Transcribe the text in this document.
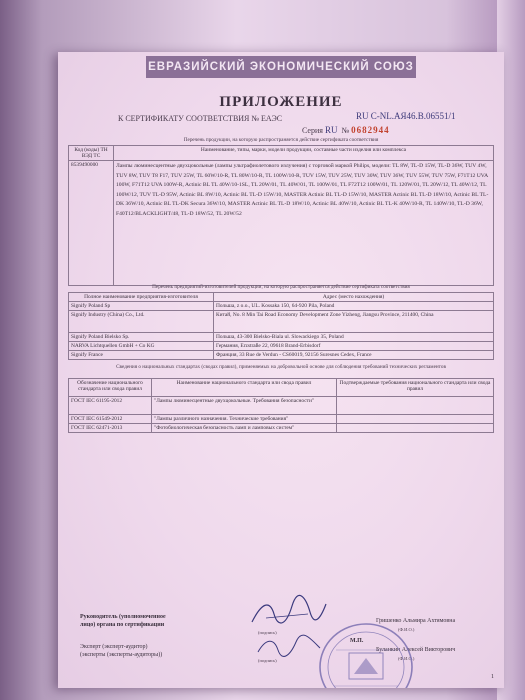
ЕВРАЗИЙСКИЙ ЭКОНОМИЧЕСКИЙ СОЮЗ
ПРИЛОЖЕНИЕ
К СЕРТИФИКАТУ СООТВЕТСТВИЯ № ЕАЭС	RU C-NL.AЯ46.B.06551/1
Серия RU № 0682944
Перечень продукции, на которую распространяется действие сертификата соответствия
Код (коды) ТН ВЭД ТС	Наименование, типы, марки, модели продукции, составные части изделия или комплекса
8539490000	Лампы люминесцентные двухцокольные (лампы ультрафиолетового излучения) с торговой маркой Philips, модели: TL 8W, TL-D 15W, TL-D 36W, TUV 4W, TUV 8W, TUV T8 F17, TUV 25W, TL 60W/10-R, TL 80W/10-R, TL 100W/10-R, TUV 15W, TUV 25W, TUV 30W, TUV 36W, TUV 55W, TUV 75W, F71T12 UVA 100W, F71T12 UVA 100W-R, Actinic BL TL 40W/10-1SL, TL 20W/01, TL 40W/01, TL 100W/01, TL F72T12 100W/01, TL 120W/01, TL 20W/12, TL 40W/12, TL 100W/12, TUV TL-D 95W, Actinic BL 8W/10, Actinic BL TL-D 15W/10, MASTER Actinic BL TL-D 15W/10, MASTER Actinic BL TL-D 18W/10, Actinic BL TL-DK 36W/10, Actinic BL TL-DK Secura 36W/10, MASTER Actinic BL TL-D 18W/10, Actinic BL 40W/10, Actinic BL TL-K 40W/10-R, TL 140W/10, TL-D 36W, F40T12/BLACKLIGHT/48, TL-D 18W/52, TL 20W/52
Перечень предприятий-изготовителей продукции, на которую распространяется действие сертификата соответствия
Полное наименование предприятия-изготовителя	Адрес (место нахождения)
Signify Poland Sp	Польша, z o.o., UL. Kossaka 150, 64-920 Pila, Poland
Signify Industry (China) Co., Ltd.	Китай, No. 8 Min Tai Road Economy Development Zone Yizheng, Jiangsu Province, 211400, China
Signify Poland Bielsko Sp.	Польша, 43-300 Bielsko-Biala ul. Slowackiego 35, Poland
NARVA Lichtquellen GmbH + Co KG	Германия, Erzstraße 22, 09618 Brand-Erbisdorf
Signify France	Франция, 33 Rue de Verdun - CS60019, 92156 Suresnes Cedex, France
Сведения о национальных стандартах (сводах правил), применяемых на добровольной основе для соблюдения требований технических регламентов
Обозначение национального стандарта или свода правил	Наименование национального стандарта или свода правил	Подтверждаемые требования национального стандарта или свода правил
ГОСТ IEC 61195-2012	"Лампы люминесцентные двухцокольные. Требования безопасности"	
ГОСТ IEC 61549-2012	"Лампы различного назначения. Технические требования"	
ГОСТ IEC 62471-2013	"Фотобиологическая безопасность ламп и ламповых систем"	
Руководитель (уполномоченное
лицо) органа по сертификации
(подпись)
Гришенко Альмира Ахтямовна
(Ф.И.О.)
Эксперт (эксперт-аудитор)
(эксперты (эксперты-аудиторы))
(подпись)
Буланкин Алексей Викторович
(Ф.И.О.)
М.П.
1
